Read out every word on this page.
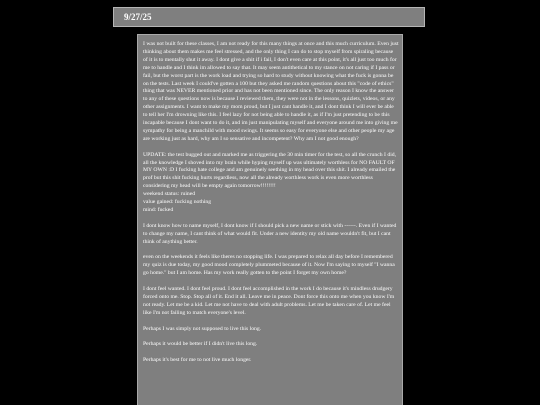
9/27/25

I was not built for these classes, I am not ready for this many things at once and this much curriculum. Even just thinking about them makes me feel stressed, and the only thing I can do to stop myself from spiraling because of it is to mentally shut it away. I dont give a shit if i fail, I don't even care at this point, it's all just too much for me to handle and I think im allowed to say that. It may seem antithetical to my stance on not caring if I pass or fail, but the worst part is the work load and trying so hard to study without knowing what the fuck is gonna be on the tests. Last week I could've gotten a 100 but they asked me random questions about this "code of ethics" thing that was NEVER mentioned prior and has not been mentioned since. The only reason I know the answer to any of these questions now is because I reviewed them, they were not in the lessons, quizlets, videos, or any other assignments. I want to make my mom proud, but I just cant handle it, and I dont think I will ever be able to tell her I'm drowning like this. I feel lazy for not being able to handle it, as if I'm just pretending to be this incapable because I dont want to do it, and im just manipulating myself and everyone around me into giving me sympathy for being a manchild with mood swings. It seems so easy for everyone else and other people my age are working just as hard, why am I so sensative and incompetent? Why am I not good enough?

UPDATE: the test bugged out and marked me as triggering the 30 min timer for the test, so all the crunch I did, all the knowledge I shoved into my brain while hyping myself up was ultimately worthless for NO FAULT OF MY OWN :D I fucking hate college and am genuinely seething in my head over this shit. I already emailed the prof but this shit fucking hurts regardless, now all the already worthless work is even more worthless considering my head will be empty again tomorrow!!!!!!!!
weekend status: ruined
value gained: fucking nothing
mind: fucked

I dont know how to name myself, I dont know if I should pick a new name or stick with ------. Even if I wanted to change my name, I cant think of what would fit. Under a new identity my old name wouldn't fit, but I cant think of anything better.

even on the weekends it feels like theres no stopping life. I was prepared to relax all day before I remembered my quiz is due today, my good mood completely plummeted because of it. Now I'm saying to myself "I wanna go home." but I am home. Has my work really gotten to the point I forget my own home?

I dont feel wanted. I dont feel proud. I dont feel accomplished in the work I do because it's mindless drudgery forced onto me. Stop. Stop all of it. End it all. Leave me in peace. Dont force this onto me when you know I'm not ready. Let me be a kid. Let me not have to deal with adult problems. Let me be taken care of. Let me feel like I'm not failing to match everyone's level.

Perhaps I was simply not supposed to live this long.

Perhaps it would be better if I didn't live this long.

Perhaps it's best for me to not live much longer.
